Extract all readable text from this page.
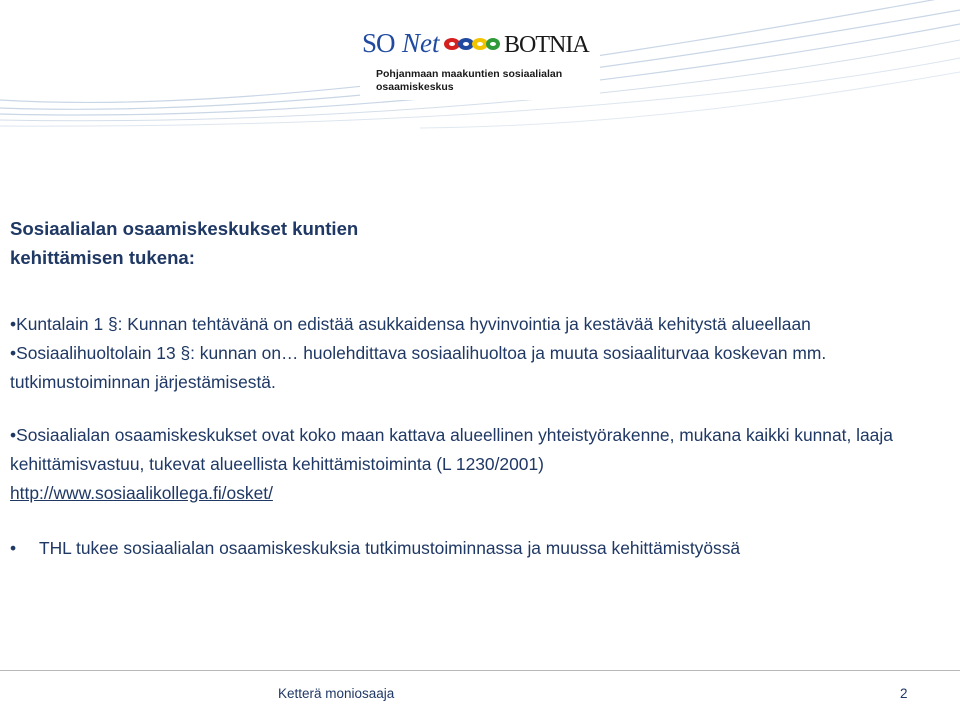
SO Net	BOTNIA
Pohjanmaan maakuntien sosiaalialan osaamiskeskus
Sosiaalialan osaamiskeskukset kuntien
kehittämisen tukena:
•Kuntalain 1 §: Kunnan tehtävänä on edistää asukkaidensa hyvinvointia ja kestävää kehitystä alueellaan
•Sosiaalihuoltolain 13 §: kunnan on… huolehdittava sosiaalihuoltoa ja muuta sosiaaliturvaa koskevan mm. tutkimustoiminnan järjestämisestä.
•Sosiaalialan osaamiskeskukset ovat koko maan kattava alueellinen yhteistyörakenne, mukana kaikki kunnat, laaja kehittämisvastuu, tukevat alueellista kehittämistoiminta (L 1230/2001)
http://www.sosiaalikollega.fi/osket/
•	THL tukee sosiaalialan osaamiskeskuksia tutkimustoiminnassa ja muussa kehittämistyössä
Ketterä moniosaaja	2
